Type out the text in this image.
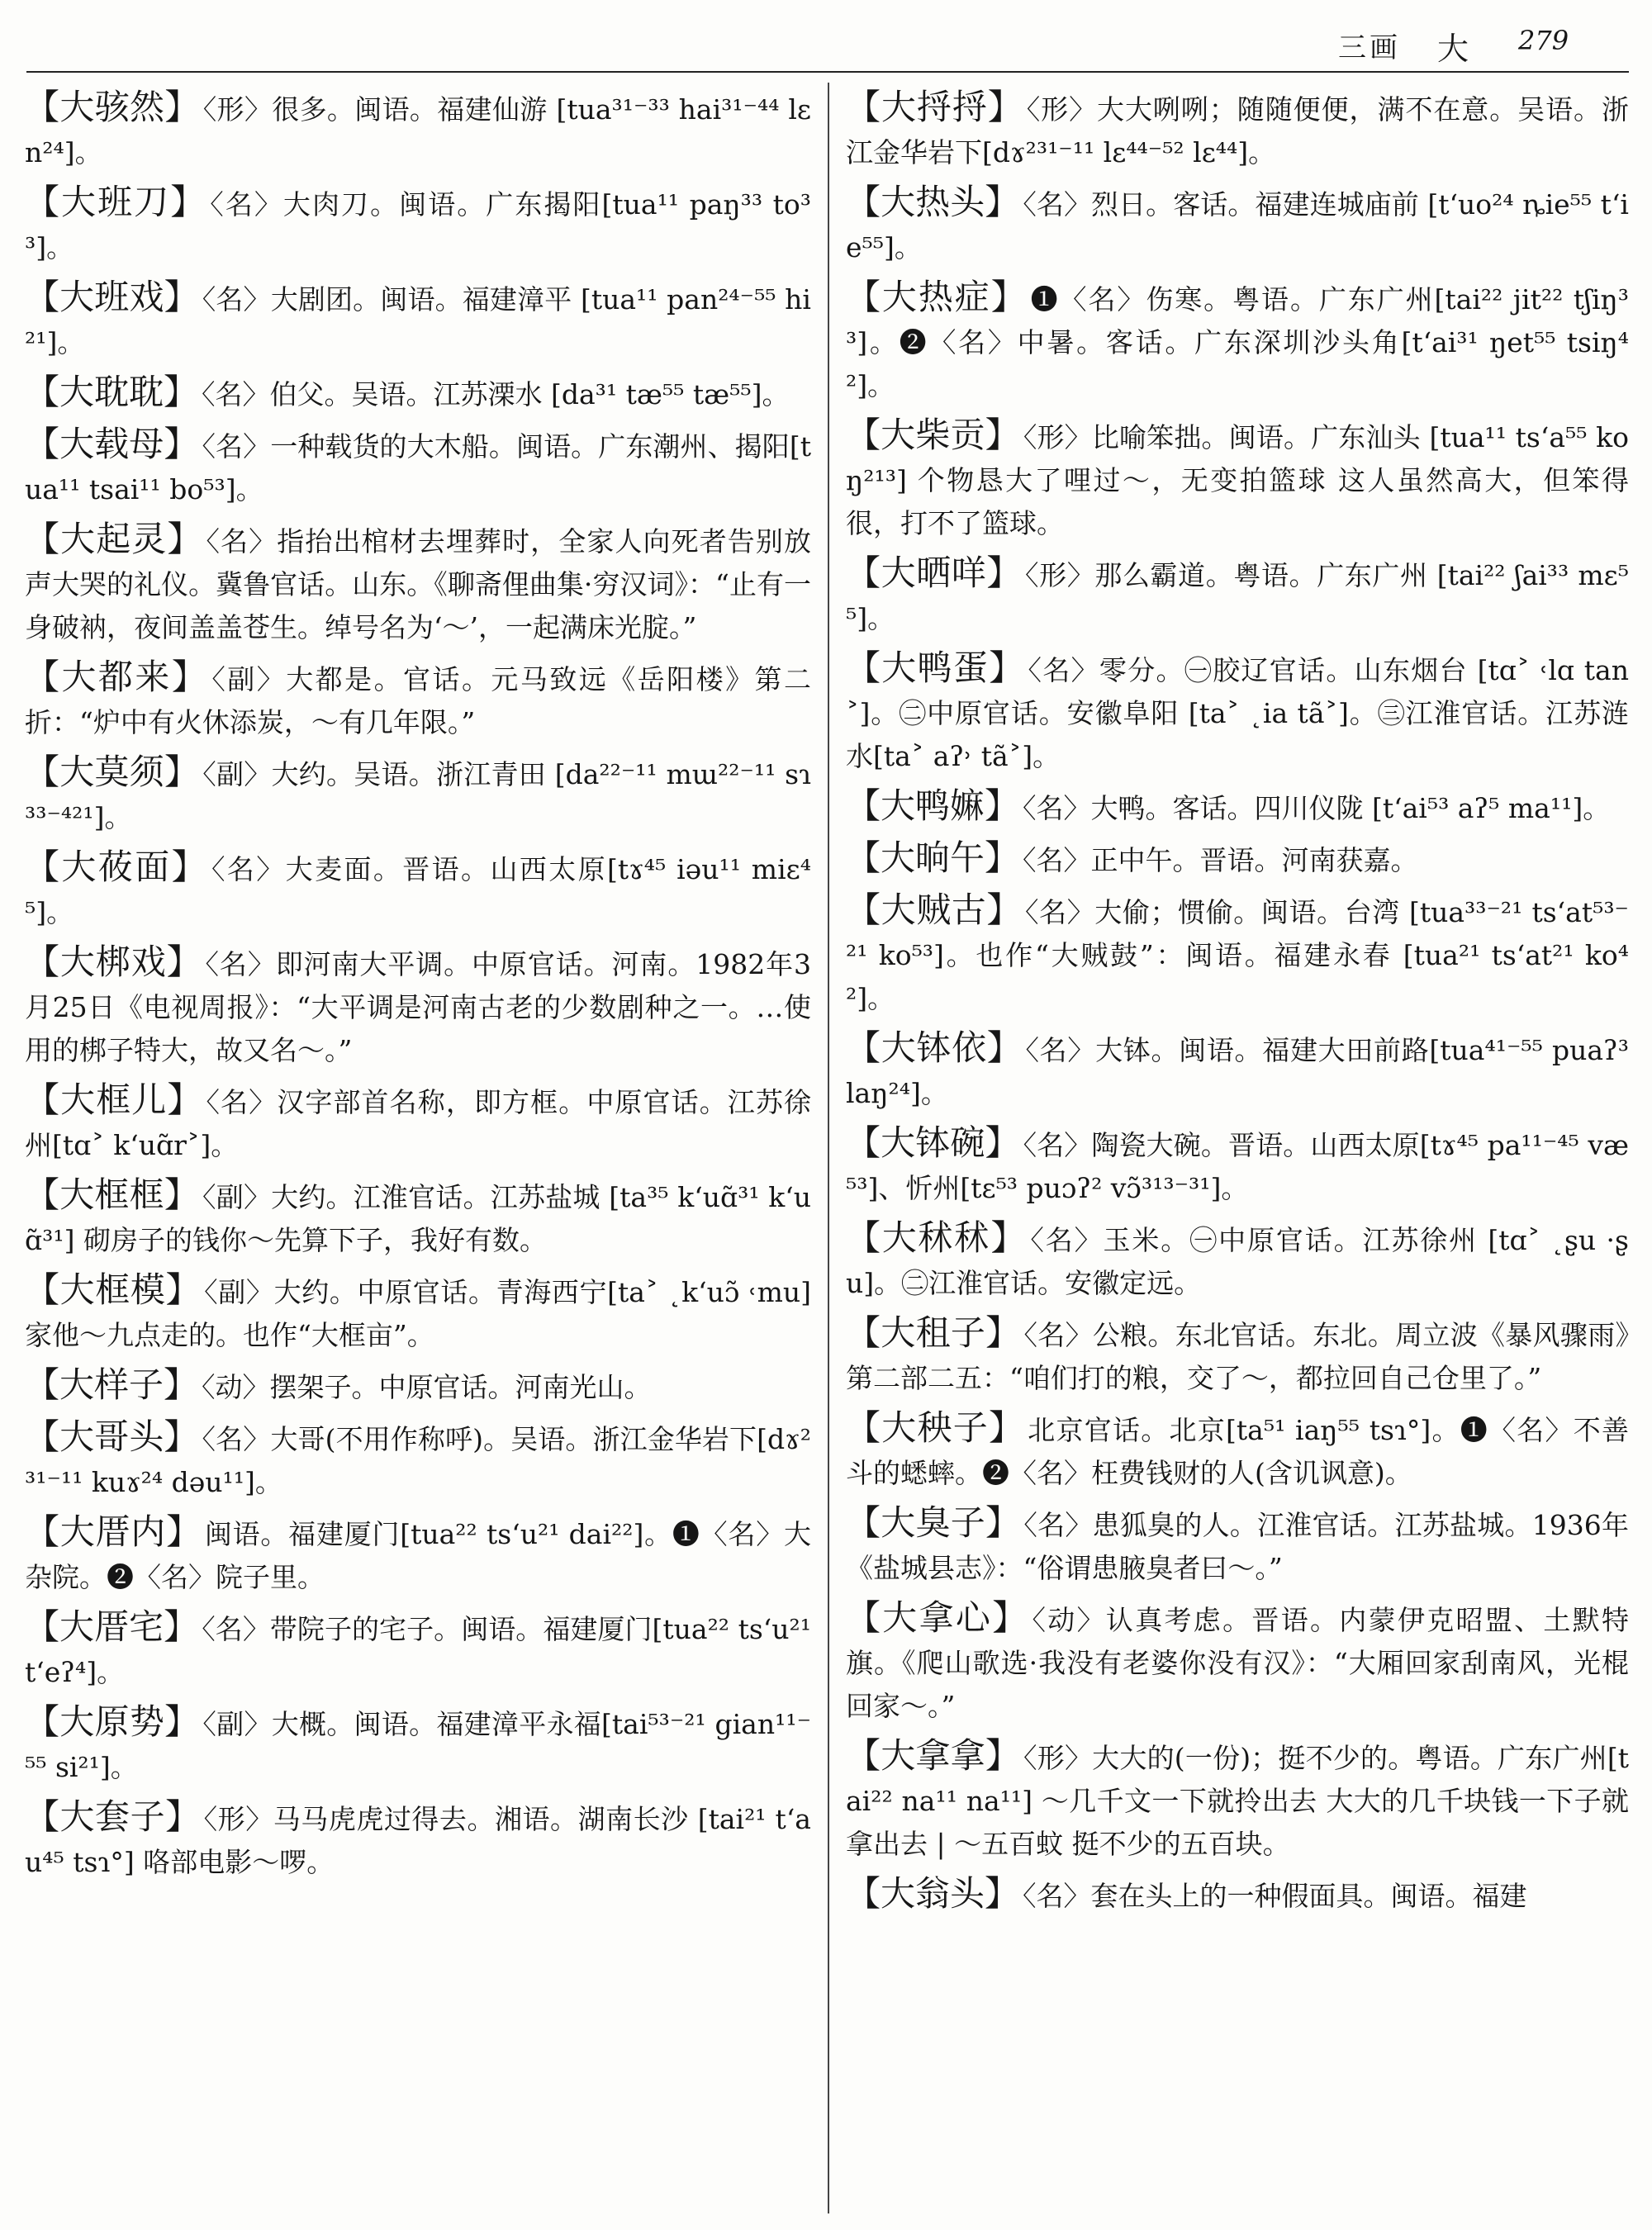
三画 大 279

【大骇然】 〈形〉很多。闽语。福建仙游 [tua³¹⁻³³ hai³¹⁻⁴⁴ lɛn²⁴]。

【大班刀】 〈名〉大肉刀。闽语。广东揭阳[tua¹¹ paŋ³³ to³³]。

【大班戏】 〈名〉大剧团。闽语。福建漳平 [tua¹¹ pan²⁴⁻⁵⁵ hi²¹]。

【大耽耽】 〈名〉伯父。吴语。江苏溧水 [da³¹ tæ⁵⁵ tæ⁵⁵]。

【大载母】 〈名〉一种载货的大木船。闽语。广东潮州、揭阳[tua¹¹ tsai¹¹ bo⁵³]。

【大起灵】 〈名〉指抬出棺材去埋葬时，全家人向死者告别放声大哭的礼仪。冀鲁官话。山东。《聊斋俚曲集·穷汉词》：“止有一身破衲，夜间盖盖苍生。绰号名为‘～’，一起满床光腚。”

【大都来】 〈副〉大都是。官话。元马致远《岳阳楼》第二折：“炉中有火休添炭，～有几年限。”

【大莫须】 〈副〉大约。吴语。浙江青田 [da²²⁻¹¹ mɯ²²⁻¹¹ sɿ³³⁻⁴²¹]。

【大莜面】 〈名〉大麦面。晋语。山西太原[tɤ⁴⁵ iəu¹¹ miɛ⁴⁵]。

【大梆戏】 〈名〉即河南大平调。中原官话。河南。1982年3月25日《电视周报》：“大平调是河南古老的少数剧种之一。…使用的梆子特大，故又名～。”

【大框儿】 〈名〉汉字部首名称，即方框。中原官话。江苏徐州[tɑ˃ k‘uɑ̃r˃]。

【大框框】 〈副〉大约。江淮官话。江苏盐城 [ta³⁵ k‘uɑ̃³¹ k‘uɑ̃³¹] 砌房子的钱你～先算下子，我好有数。

【大框模】 〈副〉大约。中原官话。青海西宁[ta˃ ˛k‘uɔ̃ ˓mu]家他～九点走的。也作“大框亩”。

【大样子】 〈动〉摆架子。中原官话。河南光山。

【大哥头】 〈名〉大哥(不用作称呼)。吴语。浙江金华岩下[dɤ²³¹⁻¹¹ kuɤ²⁴ dəu¹¹]。

【大厝内】 闽语。福建厦门[tua²² ts‘u²¹ dai²²]。❶〈名〉大杂院。❷〈名〉院子里。

【大厝宅】 〈名〉带院子的宅子。闽语。福建厦门[tua²² ts‘u²¹ t‘eʔ⁴]。

【大原势】 〈副〉大概。闽语。福建漳平永福[tai⁵³⁻²¹ gian¹¹⁻⁵⁵ si²¹]。

【大套子】 〈形〉马马虎虎过得去。湘语。湖南长沙 [tai²¹ t‘au⁴⁵ tsɿ°] 咯部电影～啰。

【大捋捋】 〈形〉大大咧咧；随随便便，满不在意。吴语。浙江金华岩下[dɤ²³¹⁻¹¹ lɛ⁴⁴⁻⁵² lɛ⁴⁴]。

【大热头】 〈名〉烈日。客话。福建连城庙前 [t‘uo²⁴ ȵie⁵⁵ t‘ie⁵⁵]。

【大热症】 ❶〈名〉伤寒。粤语。广东广州[tai²² jit²² tʃiŋ³³]。❷〈名〉中暑。客话。广东深圳沙头角[t‘ai³¹ ŋet⁵⁵ tsiŋ⁴²]。

【大柴贡】 〈形〉比喻笨拙。闽语。广东汕头 [tua¹¹ ts‘a⁵⁵ koŋ²¹³] 个物恳大了哩过～，无变拍篮球 这人虽然高大，但笨得很，打不了篮球。

【大晒咩】 〈形〉那么霸道。粤语。广东广州 [tai²² ʃai³³ mɛ⁵⁵]。

【大鸭蛋】 〈名〉零分。㊀胶辽官话。山东烟台 [tɑ˃ ˓lɑ tan˃]。㊁中原官话。安徽阜阳 [ta˃ ˛ia tã˃]。㊂江淮官话。江苏涟水[ta˃ aʔ˒ tã˃]。

【大鸭嫲】 〈名〉大鸭。客话。四川仪陇 [t‘ai⁵³ aʔ⁵ ma¹¹]。

【大晌午】 〈名〉正中午。晋语。河南获嘉。

【大贼古】 〈名〉大偷；惯偷。闽语。台湾 [tua³³⁻²¹ ts‘at⁵³⁻²¹ ko⁵³]。也作“大贼鼓”：闽语。福建永春 [tua²¹ ts‘at²¹ ko⁴²]。

【大钵依】 〈名〉大钵。闽语。福建大田前路[tua⁴¹⁻⁵⁵ puaʔ³ laŋ²⁴]。

【大钵碗】 〈名〉陶瓷大碗。晋语。山西太原[tɤ⁴⁵ pa¹¹⁻⁴⁵ væ⁵³]、忻州[tɛ⁵³ puɔʔ² vɔ̃³¹³⁻³¹]。

【大秫秫】 〈名〉玉米。㊀中原官话。江苏徐州 [tɑ˃ ˛ʂu ·ʂu]。㊁江淮官话。安徽定远。

【大租子】 〈名〉公粮。东北官话。东北。周立波《暴风骤雨》第二部二五：“咱们打的粮，交了～，都拉回自己仓里了。”

【大秧子】 北京官话。北京[ta⁵¹ iaŋ⁵⁵ tsɿ°]。❶〈名〉不善斗的蟋蟀。❷〈名〉枉费钱财的人(含讥讽意)。

【大臭子】 〈名〉患狐臭的人。江淮官话。江苏盐城。1936年《盐城县志》：“俗谓患腋臭者曰～。”

【大拿心】 〈动〉认真考虑。晋语。内蒙伊克昭盟、土默特旗。《爬山歌选·我没有老婆你没有汉》：“大厢回家刮南风，光棍回家～。”

【大拿拿】 〈形〉大大的(一份)；挺不少的。粤语。广东广州[tai²² na¹¹ na¹¹] ～几千文一下就拎出去 大大的几千块钱一下子就拿出去 | ～五百蚊 挺不少的五百块。

【大翁头】 〈名〉套在头上的一种假面具。闽语。福建
